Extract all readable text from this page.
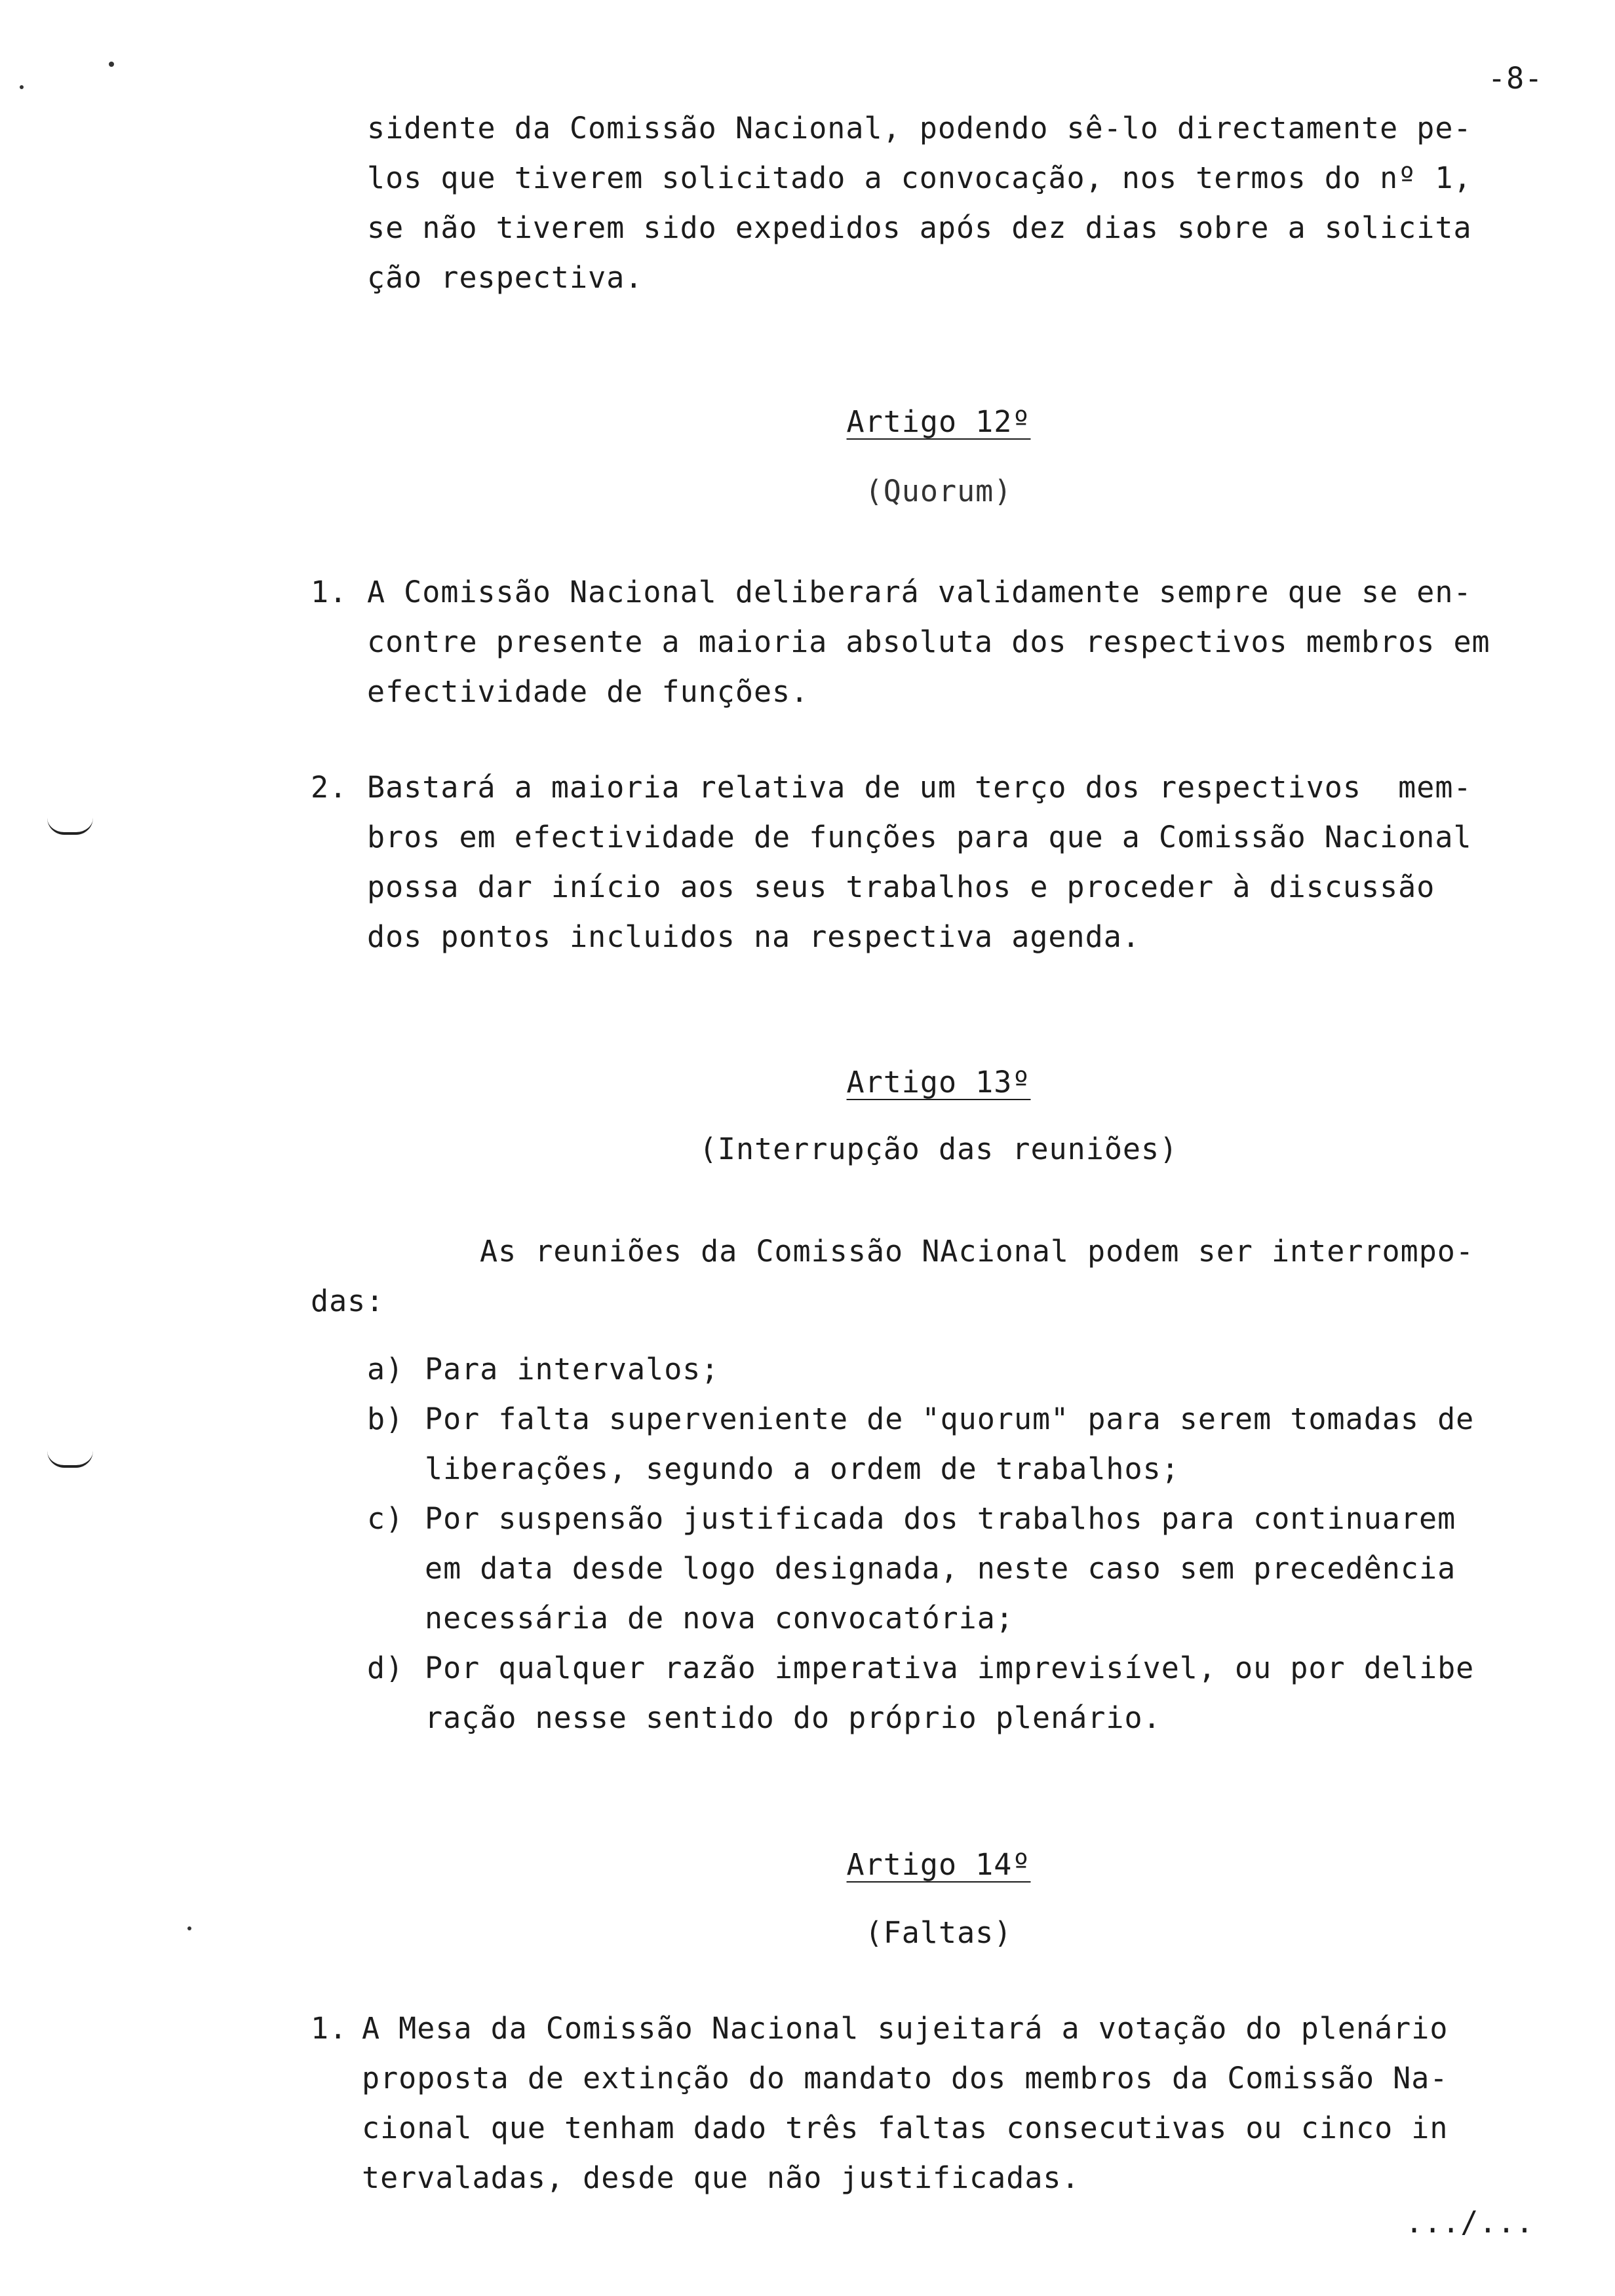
-8-
sidente da Comissão Nacional, podendo sê-lo directamente pe-
los que tiverem solicitado a convocação, nos termos do nº 1,
se não tiverem sido expedidos após dez dias sobre a solicita
ção respectiva.
Artigo 12º
(Quorum)
1. A Comissão Nacional deliberará validamente sempre que se en-
contre presente a maioria absoluta dos respectivos membros em
efectividade de funções.
2. Bastará a maioria relativa de um terço dos respectivos  mem-
bros em efectividade de funções para que a Comissão Nacional
possa dar início aos seus trabalhos e proceder à discussão
dos pontos incluidos na respectiva agenda.
Artigo 13º
(Interrupção das reuniões)
As reuniões da Comissão NAcional podem ser interrompo-
das:
a) Para intervalos;
b) Por falta superveniente de "quorum" para serem tomadas de
liberações, segundo a ordem de trabalhos;
c) Por suspensão justificada dos trabalhos para continuarem
em data desde logo designada, neste caso sem precedência
necessária de nova convocatória;
d) Por qualquer razão imperativa imprevisível, ou por delibe
ração nesse sentido do próprio plenário.
Artigo 14º
(Faltas)
1. A Mesa da Comissão Nacional sujeitará a votação do plenário
proposta de extinção do mandato dos membros da Comissão Na-
cional que tenham dado três faltas consecutivas ou cinco in
tervaladas, desde que não justificadas.
.../...
